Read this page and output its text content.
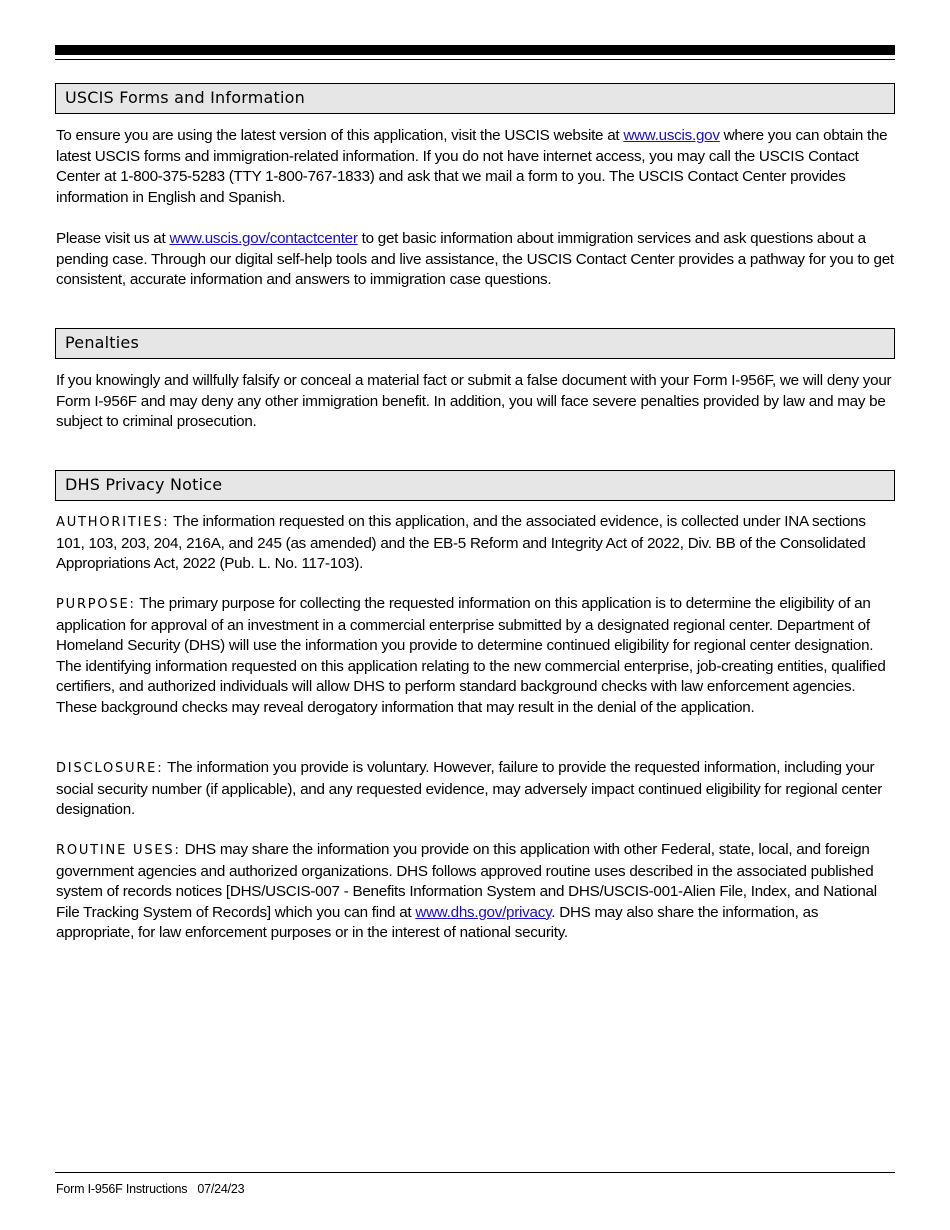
USCIS Forms and Information
To ensure you are using the latest version of this application, visit the USCIS website at www.uscis.gov where you can obtain the latest USCIS forms and immigration-related information. If you do not have internet access, you may call the USCIS Contact Center at 1-800-375-5283 (TTY 1-800-767-1833) and ask that we mail a form to you. The USCIS Contact Center provides information in English and Spanish.
Please visit us at www.uscis.gov/contactcenter to get basic information about immigration services and ask questions about a pending case. Through our digital self-help tools and live assistance, the USCIS Contact Center provides a pathway for you to get consistent, accurate information and answers to immigration case questions.
Penalties
If you knowingly and willfully falsify or conceal a material fact or submit a false document with your Form I-956F, we will deny your Form I-956F and may deny any other immigration benefit. In addition, you will face severe penalties provided by law and may be subject to criminal prosecution.
DHS Privacy Notice
AUTHORITIES: The information requested on this application, and the associated evidence, is collected under INA sections 101, 103, 203, 204, 216A, and 245 (as amended) and the EB-5 Reform and Integrity Act of 2022, Div. BB of the Consolidated Appropriations Act, 2022 (Pub. L. No. 117-103).
PURPOSE: The primary purpose for collecting the requested information on this application is to determine the eligibility of an application for approval of an investment in a commercial enterprise submitted by a designated regional center. Department of Homeland Security (DHS) will use the information you provide to determine continued eligibility for regional center designation. The identifying information requested on this application relating to the new commercial enterprise, job-creating entities, qualified certifiers, and authorized individuals will allow DHS to perform standard background checks with law enforcement agencies. These background checks may reveal derogatory information that may result in the denial of the application.
DISCLOSURE: The information you provide is voluntary. However, failure to provide the requested information, including your social security number (if applicable), and any requested evidence, may adversely impact continued eligibility for regional center designation.
ROUTINE USES: DHS may share the information you provide on this application with other Federal, state, local, and foreign government agencies and authorized organizations. DHS follows approved routine uses described in the associated published system of records notices [DHS/USCIS-007 - Benefits Information System and DHS/USCIS-001-Alien File, Index, and National File Tracking System of Records] which you can find at www.dhs.gov/privacy. DHS may also share the information, as appropriate, for law enforcement purposes or in the interest of national security.
Form I-956F Instructions 07/24/23
